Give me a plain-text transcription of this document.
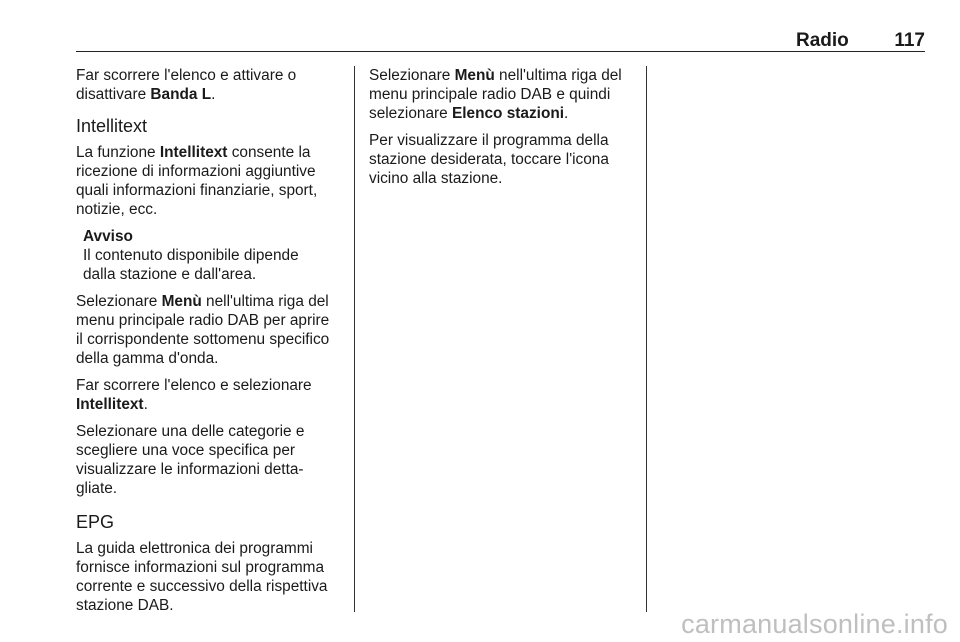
Radio 117

Far scorrere l'elenco e attivare o
disattivare Banda L.

Intellitext

La funzione Intellitext consente la
ricezione di informazioni aggiuntive
quali informazioni finanziarie, sport,
notizie, ecc.

Avviso
Il contenuto disponibile dipende
dalla stazione e dall'area.

Selezionare Menù nell'ultima riga del
menu principale radio DAB per aprire
il corrispondente sottomenu specifico
della gamma d'onda.

Far scorrere l'elenco e selezionare
Intellitext.

Selezionare una delle categorie e
scegliere una voce specifica per
visualizzare le informazioni detta‐
gliate.

EPG

La guida elettronica dei programmi
fornisce informazioni sul programma
corrente e successivo della rispettiva
stazione DAB.

Selezionare Menù nell'ultima riga del
menu principale radio DAB e quindi
selezionare Elenco stazioni.

Per visualizzare il programma della
stazione desiderata, toccare l'icona
vicino alla stazione.

carmanualsonline.info
